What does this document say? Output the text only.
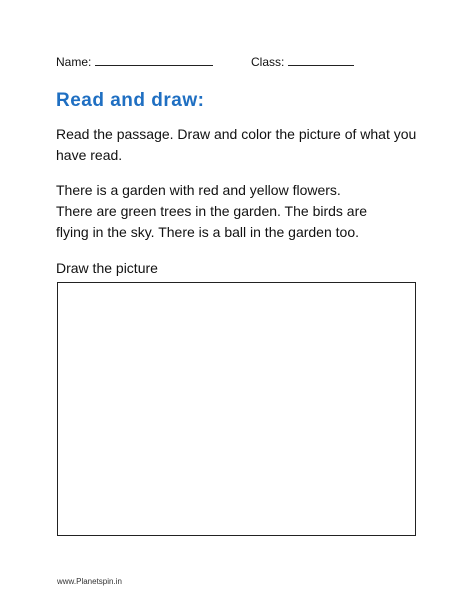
Name:	Class:
Read and draw:
Read the passage. Draw and color the picture of what you have read.
There is a garden with red and yellow flowers.
There are green trees in the garden. The birds are
flying in the sky. There is a ball in the garden too.
Draw the picture
www.Planetspin.in
